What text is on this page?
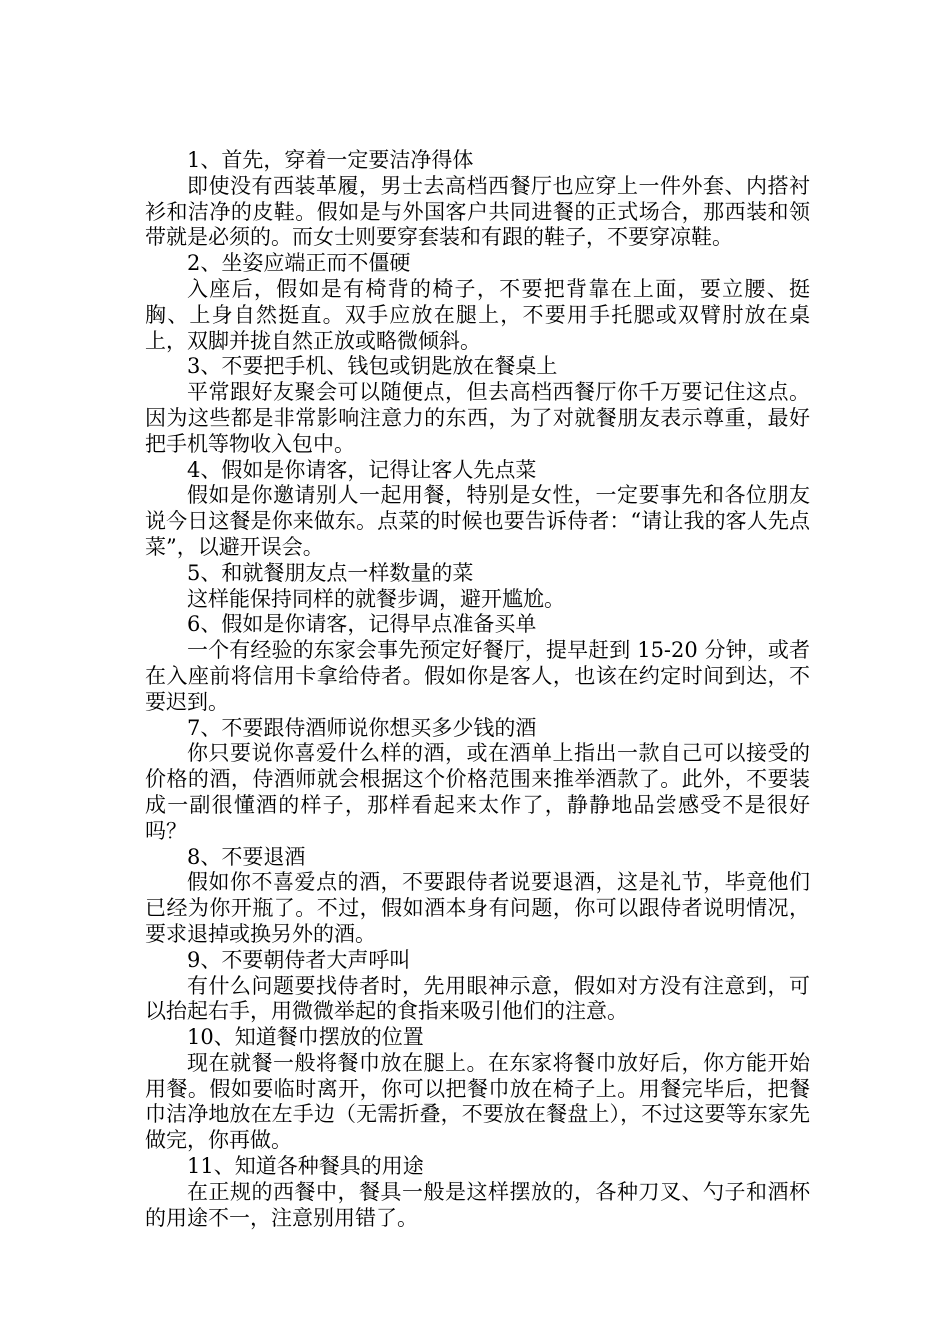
1、首先，穿着一定要洁净得体

即使没有西装革履，男士去高档西餐厅也应穿上一件外套、内搭衬衫和洁净的皮鞋。假如是与外国客户共同进餐的正式场合，那西装和领带就是必须的。而女士则要穿套装和有跟的鞋子，不要穿凉鞋。

2、坐姿应端正而不僵硬

入座后，假如是有椅背的椅子，不要把背靠在上面，要立腰、挺胸、上身自然挺直。双手应放在腿上，不要用手托腮或双臂肘放在桌上，双脚并拢自然正放或略微倾斜。

3、不要把手机、钱包或钥匙放在餐桌上

平常跟好友聚会可以随便点，但去高档西餐厅你千万要记住这点。因为这些都是非常影响注意力的东西，为了对就餐朋友表示尊重，最好把手机等物收入包中。

4、假如是你请客，记得让客人先点菜

假如是你邀请别人一起用餐，特别是女性，一定要事先和各位朋友说今日这餐是你来做东。点菜的时候也要告诉侍者：“请让我的客人先点菜”，以避开误会。

5、和就餐朋友点一样数量的菜

这样能保持同样的就餐步调，避开尴尬。

6、假如是你请客，记得早点准备买单

一个有经验的东家会事先预定好餐厅，提早赶到 15-20 分钟，或者在入座前将信用卡拿给侍者。假如你是客人，也该在约定时间到达，不要迟到。

7、不要跟侍酒师说你想买多少钱的酒

你只要说你喜爱什么样的酒，或在酒单上指出一款自己可以接受的价格的酒，侍酒师就会根据这个价格范围来推举酒款了。此外，不要装成一副很懂酒的样子，那样看起来太作了，静静地品尝感受不是很好吗？

8、不要退酒

假如你不喜爱点的酒，不要跟侍者说要退酒，这是礼节，毕竟他们已经为你开瓶了。不过，假如酒本身有问题，你可以跟侍者说明情况，要求退掉或换另外的酒。

9、不要朝侍者大声呼叫

有什么问题要找侍者时，先用眼神示意，假如对方没有注意到，可以抬起右手，用微微举起的食指来吸引他们的注意。

10、知道餐巾摆放的位置

现在就餐一般将餐巾放在腿上。在东家将餐巾放好后，你方能开始用餐。假如要临时离开，你可以把餐巾放在椅子上。用餐完毕后，把餐巾洁净地放在左手边（无需折叠，不要放在餐盘上），不过这要等东家先做完，你再做。

11、知道各种餐具的用途

在正规的西餐中，餐具一般是这样摆放的，各种刀叉、勺子和酒杯的用途不一，注意别用错了。
